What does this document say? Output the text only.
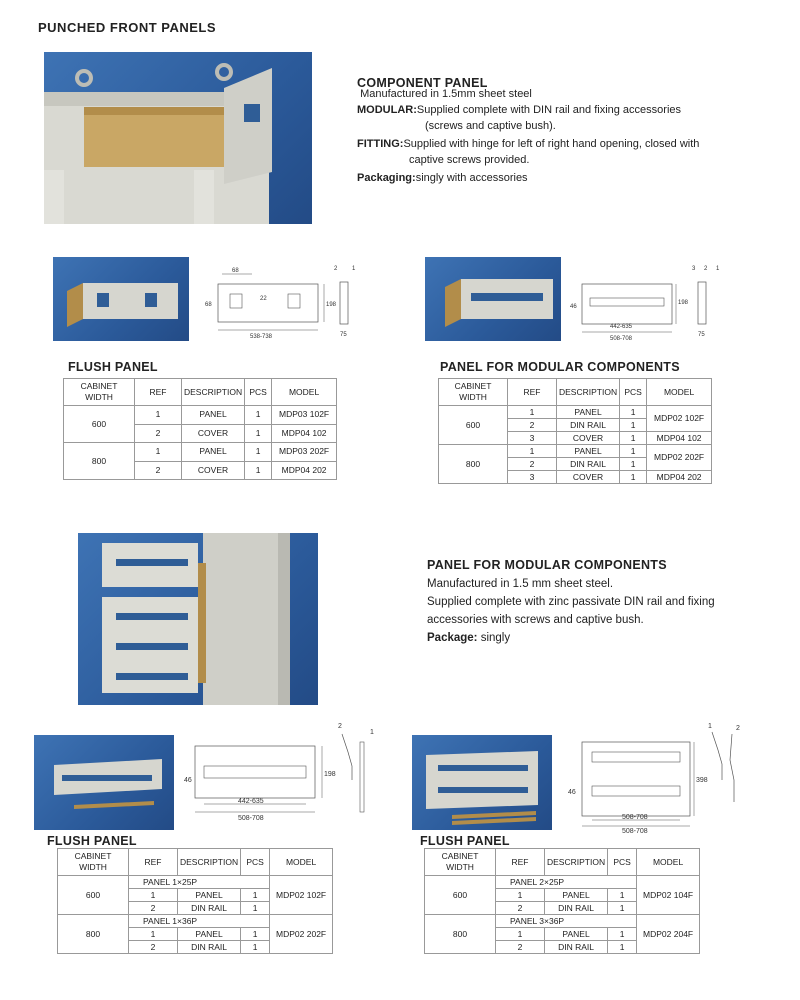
PUNCHED FRONT PANELS
COMPONENT PANEL
Manufactured in 1.5mm sheet steel
MODULAR:Supplied complete with DIN rail and fixing accessories
(screws and captive bush).
FITTING:Supplied with hinge for left of right hand opening, closed with
captive screws provided.
Packaging:singly with accessories
68
68
22
198
538-738
2 1
75
46
198
442-635
508-708
3 2 1
75
FLUSH PANEL
CABINET WIDTH	REF	DESCRIPTION	PCS	MODEL
600	1	PANEL	1	MDP03 102F
	2	COVER	1	MDP04 102
800	1	PANEL	1	MDP03 202F
	2	COVER	1	MDP04 202
PANEL FOR MODULAR COMPONENTS
CABINET WIDTH	REF	DESCRIPTION	PCS	MODEL
600	1	PANEL	1	MDP02 102F
	2	DIN RAIL	1	
	3	COVER	1	MDP04 102
800	1	PANEL	1	MDP02 202F
	2	DIN RAIL	1	
	3	COVER	1	MDP04 202
PANEL FOR MODULAR COMPONENTS
Manufactured in 1.5 mm sheet steel.
Supplied complete with zinc passivate DIN rail and fixing
accessories with screws and captive bush.
Package: singly
46
198
442-635
508-708
2
1
46
398
508-708
508-708
1	2
FLUSH PANEL
CABINET WIDTH	REF	DESCRIPTION	PCS	MODEL
600	PANEL 1×25P			MDP02 102F
	1	PANEL	1	
	2	DIN RAIL	1	
800	PANEL 1×36P			MDP02 202F
	1	PANEL	1	
	2	DIN RAIL	1	
FLUSH PANEL
CABINET WIDTH	REF	DESCRIPTION	PCS	MODEL
600	PANEL 2×25P			MDP02 104F
	1	PANEL	1	
	2	DIN RAIL	1	
800	PANEL 3×36P			MDP02 204F
	1	PANEL	1	
	2	DIN RAIL	1	
